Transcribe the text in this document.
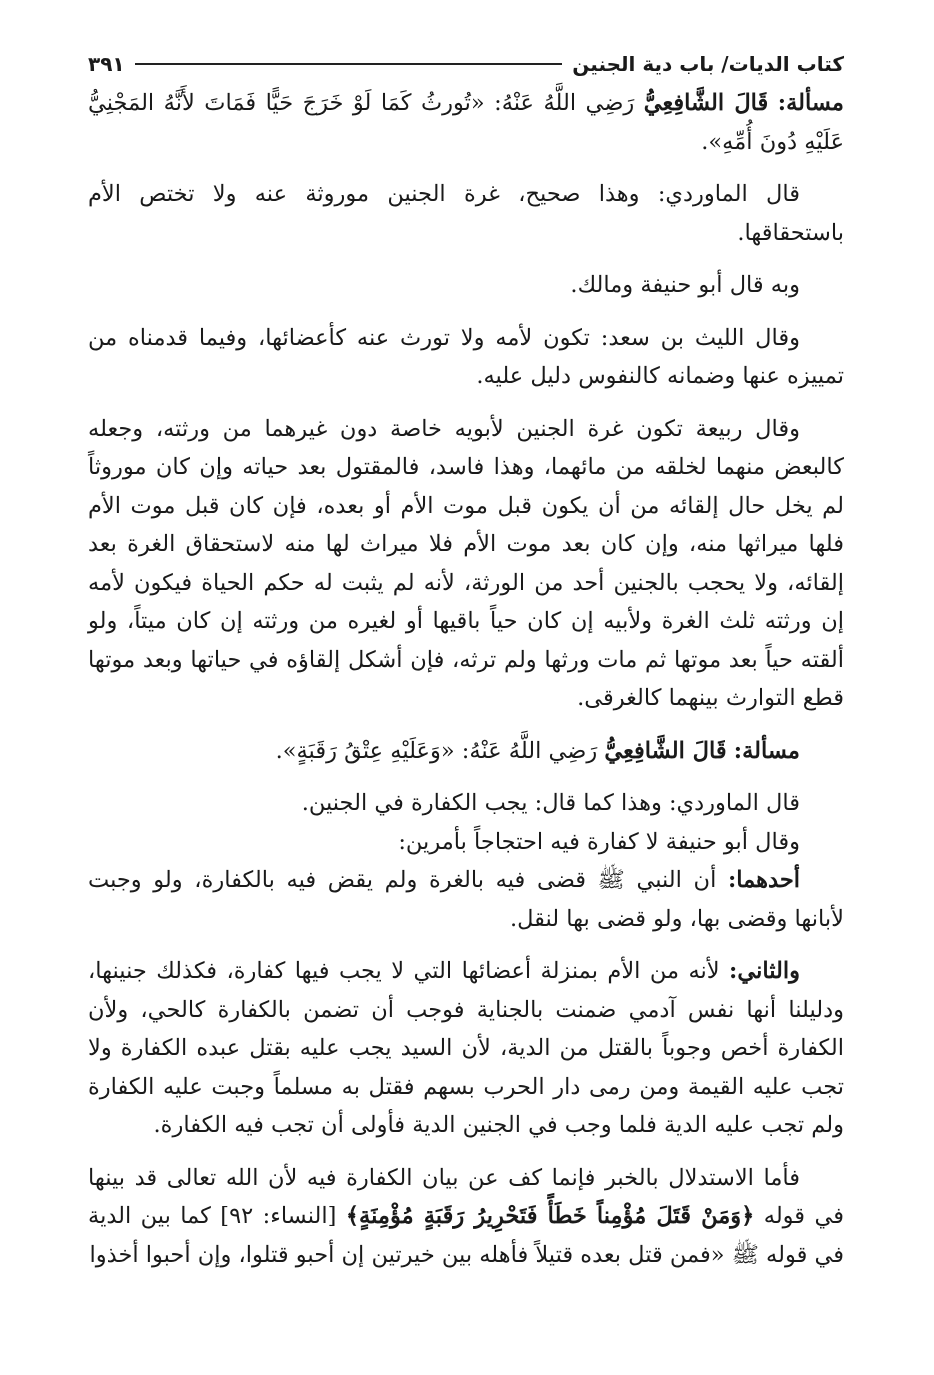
كتاب الديات/ باب دية الجنين
٣٩١

مسألة: قَالَ الشَّافِعِيُّ رَضِي اللَّهُ عَنْهُ: «تُورثُ كَمَا لَوْ خَرَجَ حَيًّا فَمَاتَ لأَنَّهُ المَجْنِيُّ عَلَيْهِ دُونَ أُمِّهِ».

قال الماوردي: وهذا صحيح، غرة الجنين موروثة عنه ولا تختص الأم باستحقاقها.

وبه قال أبو حنيفة ومالك.

وقال الليث بن سعد: تكون لأمه ولا تورث عنه كأعضائها، وفيما قدمناه من تمييزه عنها وضمانه كالنفوس دليل عليه.

وقال ربيعة تكون غرة الجنين لأبويه خاصة دون غيرهما من ورثته، وجعله كالبعض منهما لخلقه من مائهما، وهذا فاسد، فالمقتول بعد حياته وإن كان موروثاً لم يخل حال إلقائه من أن يكون قبل موت الأم أو بعده، فإن كان قبل موت الأم فلها ميراثها منه، وإن كان بعد موت الأم فلا ميراث لها منه لاستحقاق الغرة بعد إلقائه، ولا يحجب بالجنين أحد من الورثة، لأنه لم يثبت له حكم الحياة فيكون لأمه إن ورثته ثلث الغرة ولأبيه إن كان حياً باقيها أو لغيره من ورثته إن كان ميتاً، ولو ألقته حياً بعد موتها ثم مات ورثها ولم ترثه، فإن أشكل إلقاؤه في حياتها وبعد موتها قطع التوارث بينهما كالغرقى.

مسألة: قَالَ الشَّافِعِيُّ رَضِي اللَّهُ عَنْهُ: «وَعَلَيْهِ عِتْقُ رَقَبَةٍ».

قال الماوردي: وهذا كما قال: يجب الكفارة في الجنين.

وقال أبو حنيفة لا كفارة فيه احتجاجاً بأمرين:

أحدهما: أن النبي ﷺ قضى فيه بالغرة ولم يقض فيه بالكفارة، ولو وجبت لأبانها وقضى بها، ولو قضى بها لنقل.

والثاني: لأنه من الأم بمنزلة أعضائها التي لا يجب فيها كفارة، فكذلك جنينها، ودليلنا أنها نفس آدمي ضمنت بالجناية فوجب أن تضمن بالكفارة كالحي، ولأن الكفارة أخص وجوباً بالقتل من الدية، لأن السيد يجب عليه بقتل عبده الكفارة ولا تجب عليه القيمة ومن رمى دار الحرب بسهم فقتل به مسلماً وجبت عليه الكفارة ولم تجب عليه الدية فلما وجب في الجنين الدية فأولى أن تجب فيه الكفارة.

فأما الاستدلال بالخبر فإنما كف عن بيان الكفارة فيه لأن الله تعالى قد بينها في قوله ﴿وَمَنْ قَتَلَ مُؤْمِناً خَطَأً فَتَحْرِيرُ رَقَبَةٍ مُؤْمِنَةٍ﴾ [النساء: ٩٢] كما بين الدية في قوله ﷺ «فمن قتل بعده قتيلاً فأهله بين خيرتين إن أحبو قتلوا، وإن أحبوا أخذوا
